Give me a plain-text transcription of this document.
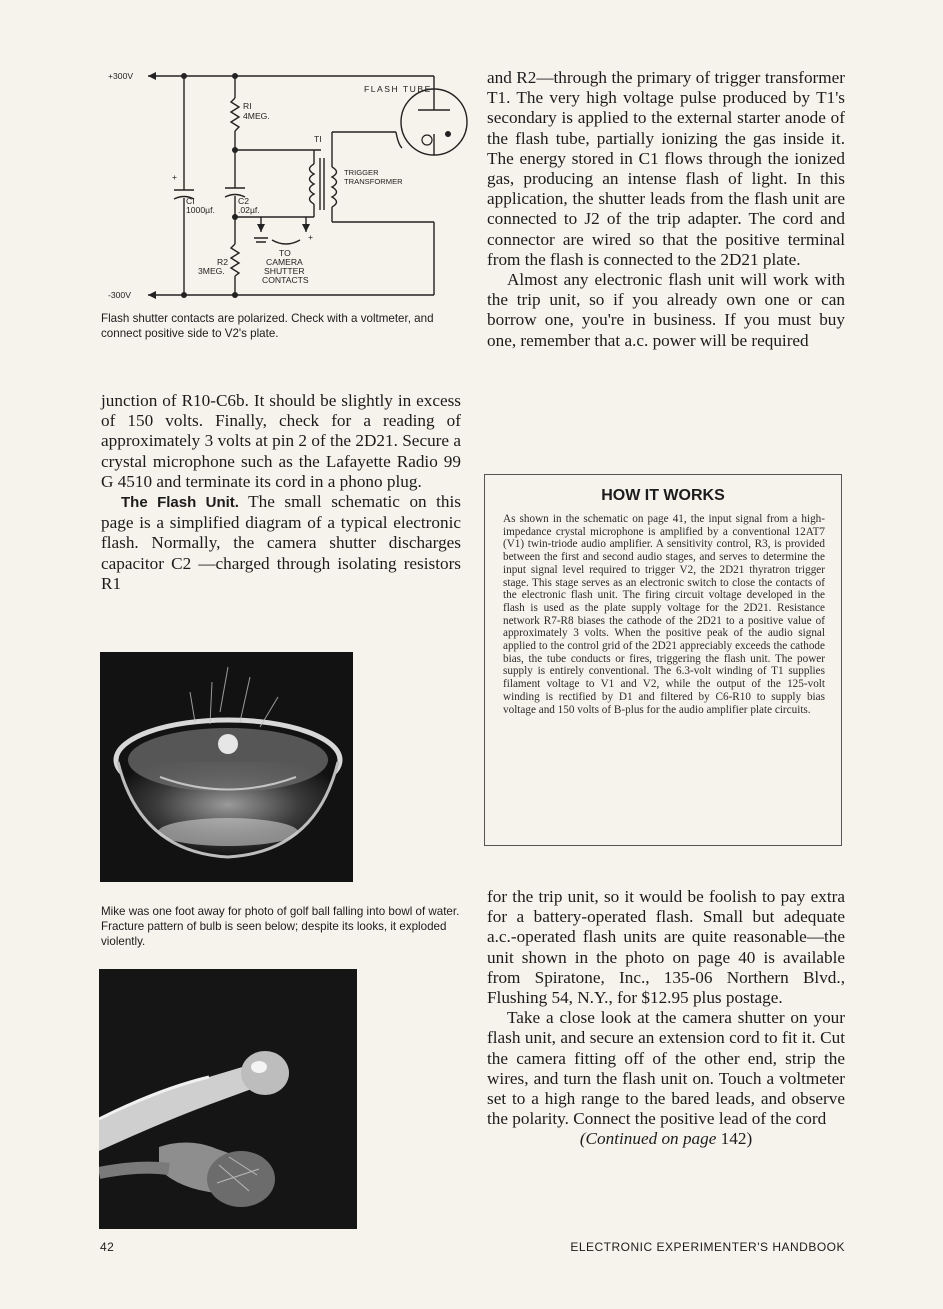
+300V
-300V
FLASH TUBE
RI
4MEG.
TI
TRIGGER
TRANSFORMER
CI
1000µf.
C2
.02µf.
+
R2
3MEG.
-	+
TO
CAMERA
SHUTTER
CONTACTS
Flash shutter contacts are polarized. Check with a voltmeter, and connect positive side to V2's plate.

junction of R10-C6b. It should be slightly in excess of 150 volts. Finally, check for a reading of approximately 3 volts at pin 2 of the 2D21. Secure a crystal microphone such as the Lafayette Radio 99 G 4510 and terminate its cord in a phono plug.

The Flash Unit. The small schematic on this page is a simplified diagram of a typical electronic flash. Normally, the camera shutter discharges capacitor C2 —charged through isolating resistors R1

Mike was one foot away for photo of golf ball falling into bowl of water. Fracture pattern of bulb is seen below; despite its looks, it exploded violently.

and R2—through the primary of trigger transformer T1. The very high voltage pulse produced by T1's secondary is applied to the external starter anode of the flash tube, partially ionizing the gas inside it. The energy stored in C1 flows through the ionized gas, producing an intense flash of light. In this application, the shutter leads from the flash unit are connected to J2 of the trip adapter. The cord and connector are wired so that the positive terminal from the flash is connected to the 2D21 plate.

Almost any electronic flash unit will work with the trip unit, so if you already own one or can borrow one, you're in business. If you must buy one, remember that a.c. power will be required

HOW IT WORKS
As shown in the schematic on page 41, the input signal from a high-impedance crystal microphone is amplified by a conventional 12AT7 (V1) twin-triode audio amplifier. A sensitivity control, R3, is provided between the first and second audio stages, and serves to determine the input signal level required to trigger V2, the 2D21 thyratron trigger stage. This stage serves as an electronic switch to close the contacts of the electronic flash unit. The firing circuit voltage developed in the flash is used as the plate supply voltage for the 2D21. Resistance network R7-R8 biases the cathode of the 2D21 to a positive value of approximately 3 volts. When the positive peak of the audio signal applied to the control grid of the 2D21 appreciably exceeds the cathode bias, the tube conducts or fires, triggering the flash unit. The power supply is entirely conventional. The 6.3-volt winding of T1 supplies filament voltage to V1 and V2, while the output of the 125-volt winding is rectified by D1 and filtered by C6-R10 to supply bias voltage and 150 volts of B-plus for the audio amplifier plate circuits.

for the trip unit, so it would be foolish to pay extra for a battery-operated flash. Small but adequate a.c.-operated flash units are quite reasonable—the unit shown in the photo on page 40 is available from Spiratone, Inc., 135-06 Northern Blvd., Flushing 54, N.Y., for $12.95 plus postage.

Take a close look at the camera shutter on your flash unit, and secure an extension cord to fit it. Cut the camera fitting off of the other end, strip the wires, and turn the flash unit on. Touch a voltmeter set to a high range to the bared leads, and observe the polarity. Connect the positive lead of the cord

(Continued on page 142)

42	ELECTRONIC EXPERIMENTER'S HANDBOOK
